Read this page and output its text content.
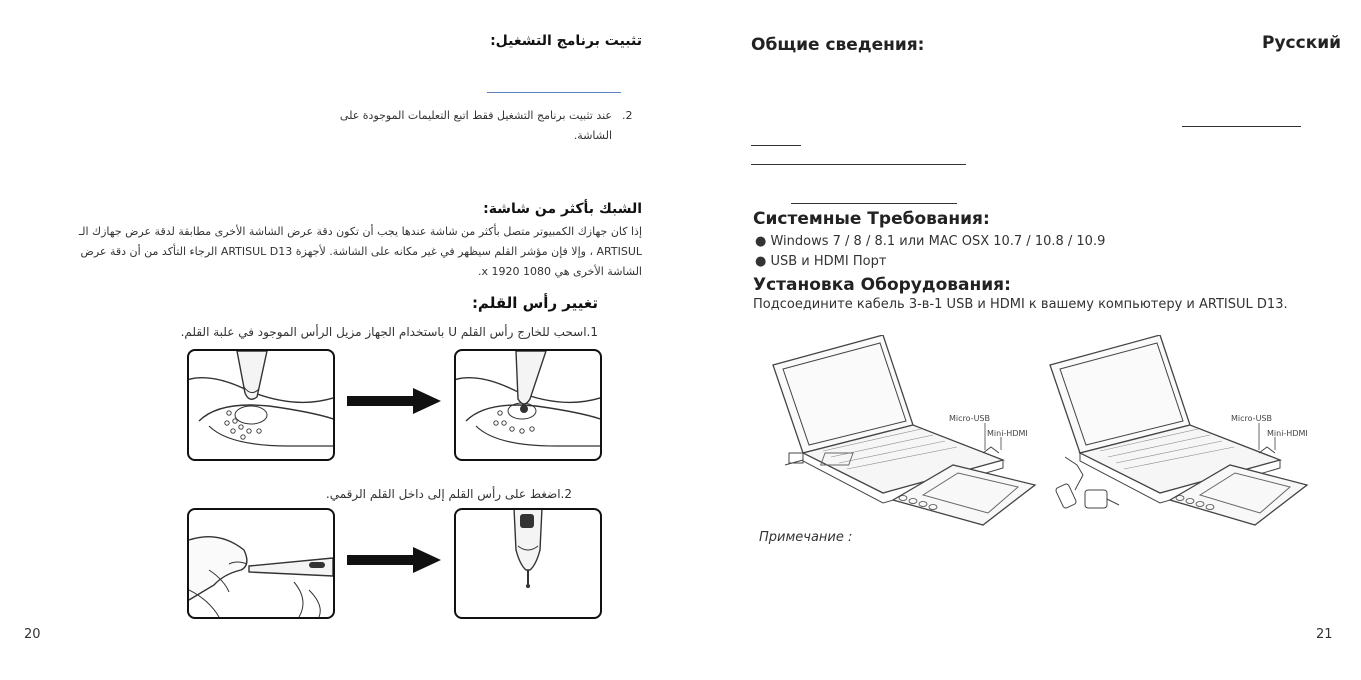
تثبيت برنامج التشغيل:
عند تثبيت برنامج التشغيل فقط اتبع التعليمات الموجودة على الشاشة.
.2
الشبك بأكثر من شاشة:
إذا كان جهازك الكمبيوتر متصل بأكثر من شاشة عندها يجب أن تكون دقة عرض الشاشة الأخرى مطابقة لدقة عرض جهازك الـ
ARTISUL ، وإلا فإن مؤشر القلم سيظهر في غير مكانه على الشاشة. لأجهزة ARTISUL D13 الرجاء التأكد من أن دقة عرض
الشاشة الأخرى هي 1080 x 1920.
تغيير رأس القلم:
1.اسحب للخارج رأس القلم U باستخدام الجهاز مزيل الرأس الموجود في علبة القلم.
2.اضغط على رأس القلم إلى داخل القلم الرقمي.
20
Русский
Общие сведения:
Системные Требования:
● Windows 7 / 8 / 8.1 или MAC OSX 10.7 / 10.8 / 10.9
● USB и HDMI Порт
Установка Оборудования:
Подсоедините кабель 3-в-1 USB и HDMI к вашему компьютеру и ARTISUL D13.
Micro-USB
Mini-HDMI
Micro-USB
Mini-HDMI
Примечание :
21
